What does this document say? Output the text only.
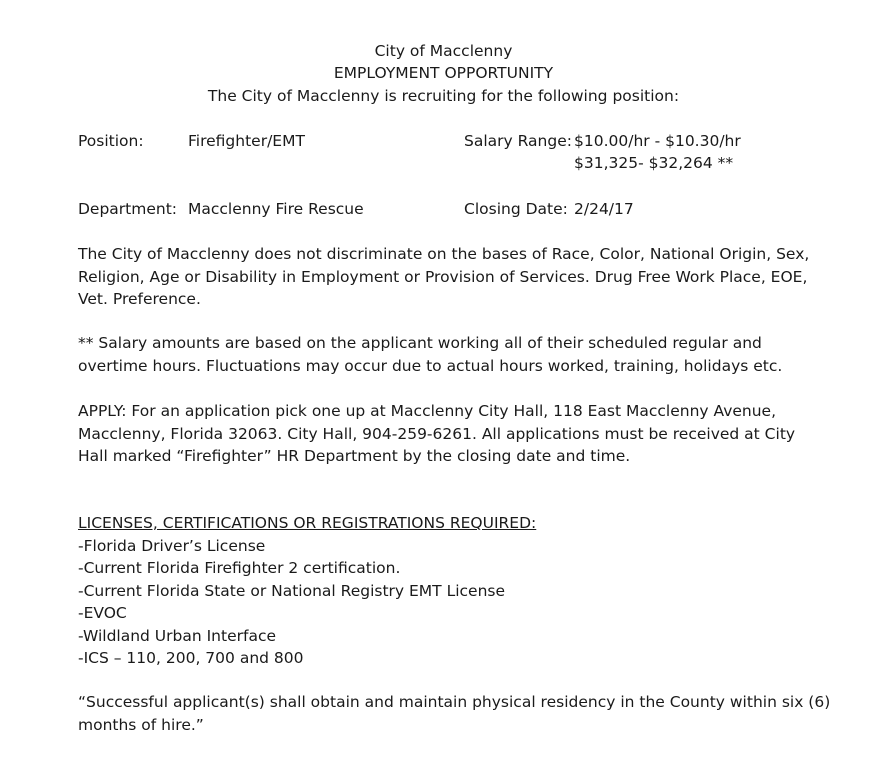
City of Macclenny
EMPLOYMENT OPPORTUNITY
The City of Macclenny is recruiting for the following position:
Position:	Firefighter/EMT	Salary Range: $10.00/hr - $10.30/hr
$31,325- $32,264 **
Department: Macclenny Fire Rescue	Closing Date: 2/24/17
The City of Macclenny does not discriminate on the bases of Race, Color, National Origin, Sex,
Religion, Age or Disability in Employment or Provision of Services. Drug Free Work Place, EOE,
Vet. Preference.
** Salary amounts are based on the applicant working all of their scheduled regular and
overtime hours. Fluctuations may occur due to actual hours worked, training, holidays etc.
APPLY: For an application pick one up at Macclenny City Hall, 118 East Macclenny Avenue,
Macclenny, Florida 32063. City Hall, 904-259-6261. All applications must be received at City
Hall marked “Firefighter” HR Department by the closing date and time.
LICENSES, CERTIFICATIONS OR REGISTRATIONS REQUIRED:
-Florida Driver’s License
-Current Florida Firefighter 2 certification.
-Current Florida State or National Registry EMT License
-EVOC
-Wildland Urban Interface
-ICS – 110, 200, 700 and 800
“Successful applicant(s) shall obtain and maintain physical residency in the County within six (6)
months of hire.”
